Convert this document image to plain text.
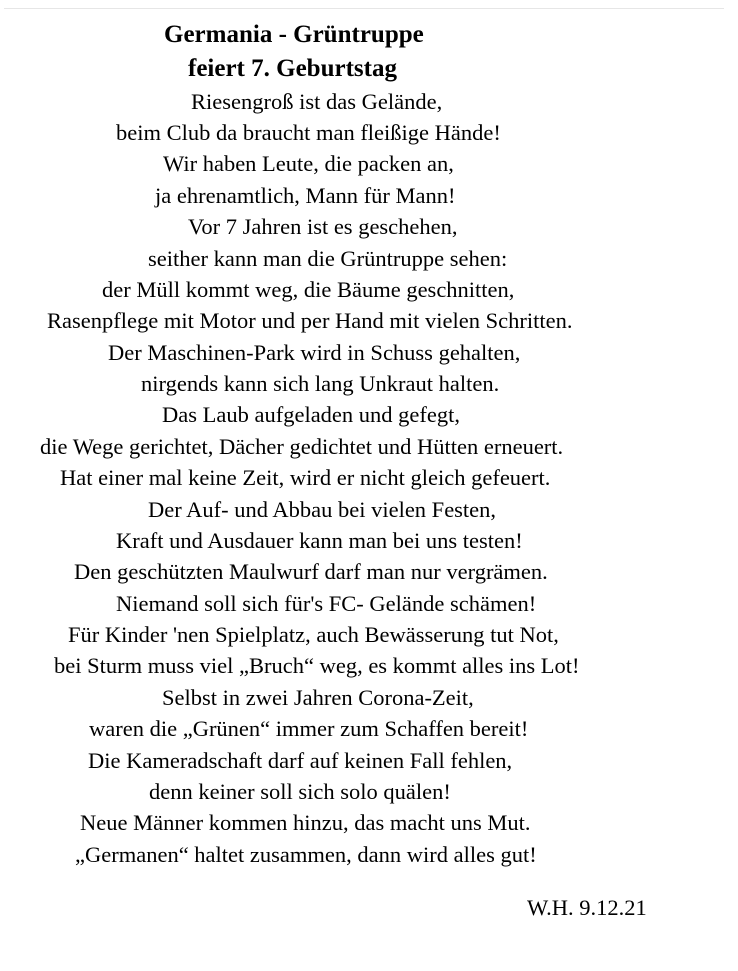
Germania - Grüntruppe
feiert 7. Geburtstag
Riesengroß ist das Gelände,
beim Club da braucht man fleißige Hände!
Wir haben Leute, die packen an,
ja ehrenamtlich, Mann für Mann!
Vor 7 Jahren ist es geschehen,
seither kann man die Grüntruppe sehen:
der Müll kommt weg, die Bäume geschnitten,
Rasenpflege mit Motor und per Hand mit vielen Schritten.
Der Maschinen-Park wird in Schuss gehalten,
nirgends kann sich lang Unkraut halten.
Das Laub aufgeladen und gefegt,
die Wege gerichtet, Dächer gedichtet und Hütten erneuert.
Hat einer mal keine Zeit, wird er nicht gleich gefeuert.
Der Auf- und Abbau bei vielen Festen,
Kraft und Ausdauer kann man bei uns testen!
Den geschützten Maulwurf darf man nur vergrämen.
Niemand soll sich für's FC- Gelände schämen!
Für Kinder 'nen Spielplatz, auch Bewässerung tut Not,
bei Sturm muss viel „Bruch“ weg, es kommt alles ins Lot!
Selbst in zwei Jahren Corona-Zeit,
waren die „Grünen“ immer zum Schaffen bereit!
Die Kameradschaft darf auf keinen Fall fehlen,
denn keiner soll sich solo quälen!
Neue Männer kommen hinzu, das macht uns Mut.
„Germanen“ haltet zusammen, dann wird alles gut!
W.H. 9.12.21
